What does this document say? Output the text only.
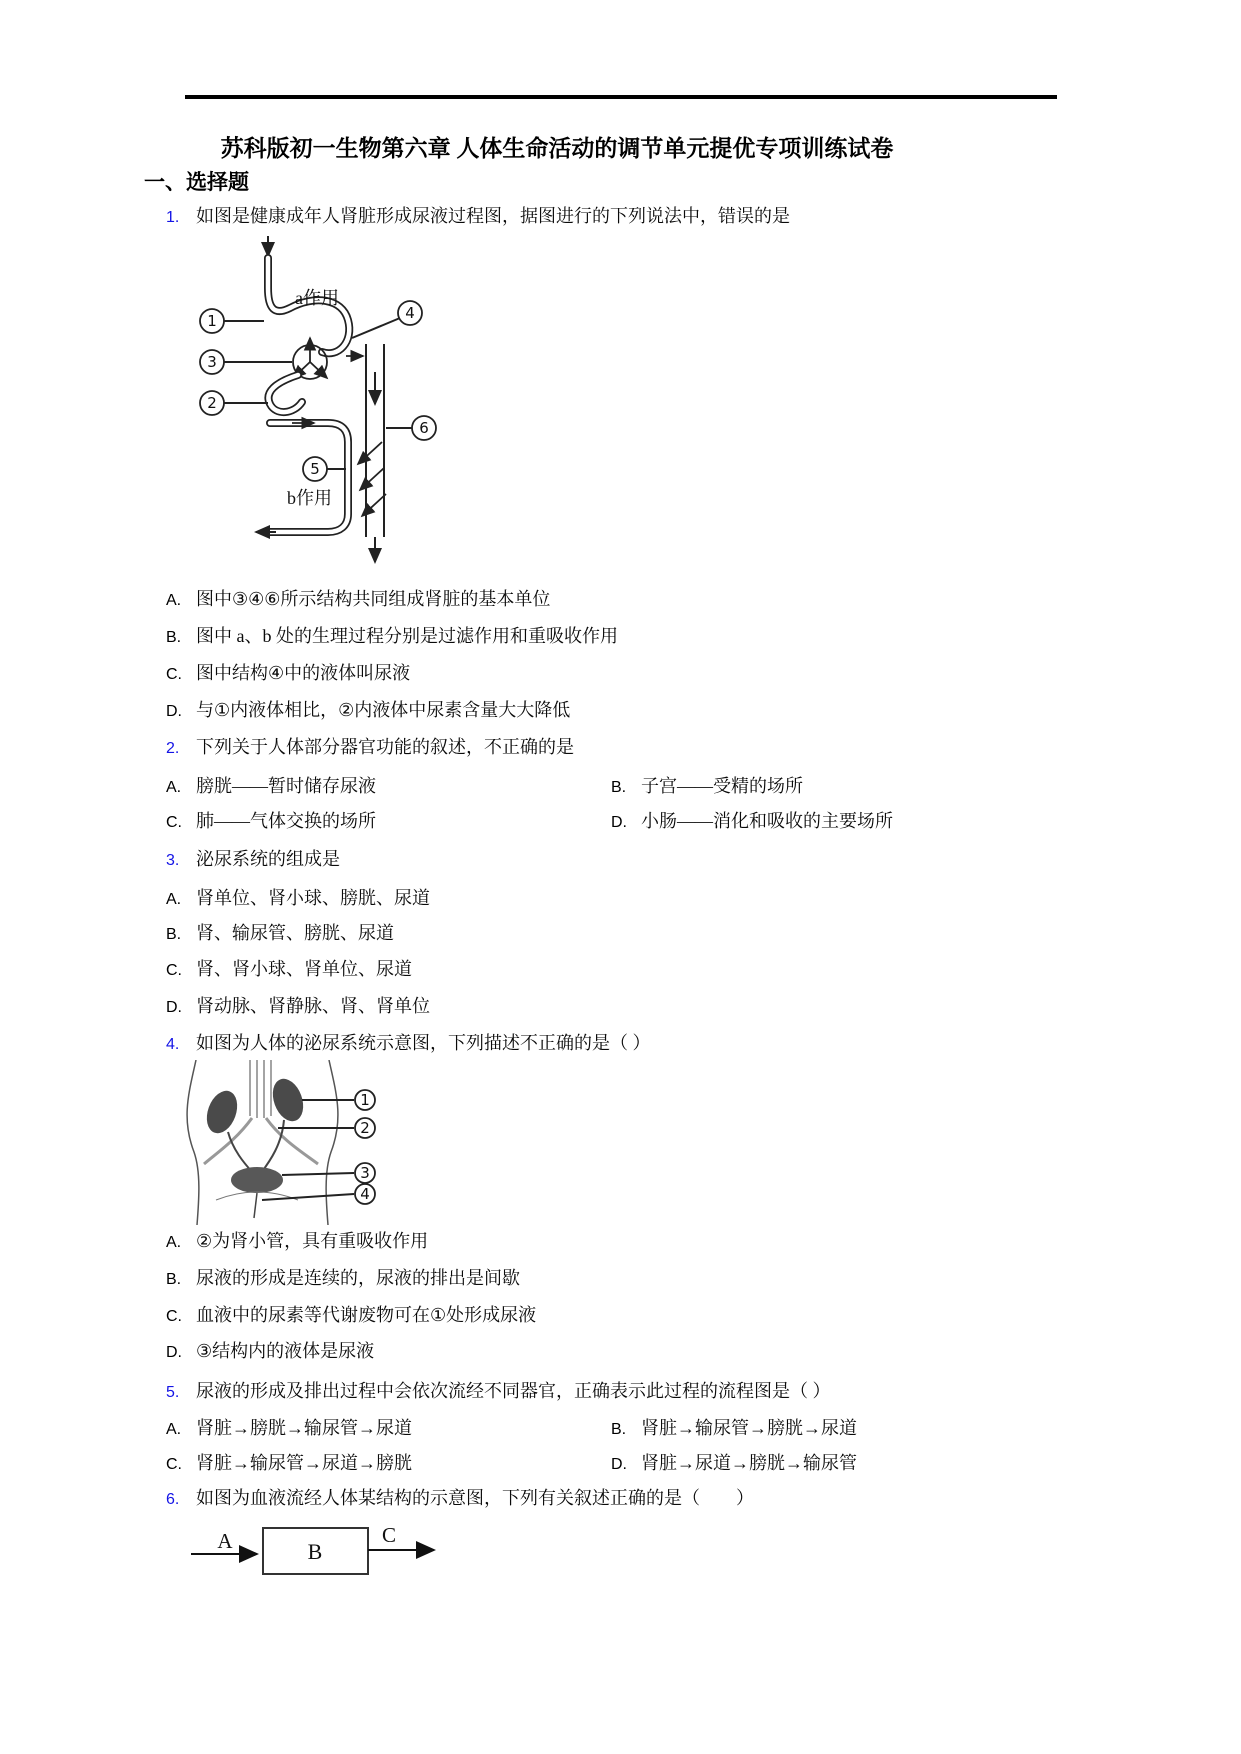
苏科版初一生物第六章 人体生命活动的调节单元提优专项训练试卷
一、选择题
1. 如图是健康成年人肾脏形成尿液过程图，据图进行的下列说法中，错误的是
a作用
b作用
1
3
2
4
6
5
A. 图中③④⑥所示结构共同组成肾脏的基本单位
B. 图中 a、b 处的生理过程分别是过滤作用和重吸收作用
C. 图中结构④中的液体叫尿液
D. 与①内液体相比，②内液体中尿素含量大大降低
2. 下列关于人体部分器官功能的叙述，不正确的是
A. 膀胱——暂时储存尿液	B. 子宫——受精的场所
C. 肺——气体交换的场所	D. 小肠——消化和吸收的主要场所
3. 泌尿系统的组成是
A. 肾单位、肾小球、膀胱、尿道
B. 肾、输尿管、膀胱、尿道
C. 肾、肾小球、肾单位、尿道
D. 肾动脉、肾静脉、肾、肾单位
4. 如图为人体的泌尿系统示意图，下列描述不正确的是（ ）
1
2
3
4
A. ②为肾小管，具有重吸收作用
B. 尿液的形成是连续的，尿液的排出是间歇
C. 血液中的尿素等代谢废物可在①处形成尿液
D. ③结构内的液体是尿液
5. 尿液的形成及排出过程中会依次流经不同器官，正确表示此过程的流程图是（ ）
A. 肾脏→膀胱→输尿管→尿道	B. 肾脏→输尿管→膀胱→尿道
C. 肾脏→输尿管→尿道→膀胱	D. 肾脏→尿道→膀胱→输尿管
6. 如图为血液流经人体某结构的示意图，下列有关叙述正确的是（　　）
A	B
C
